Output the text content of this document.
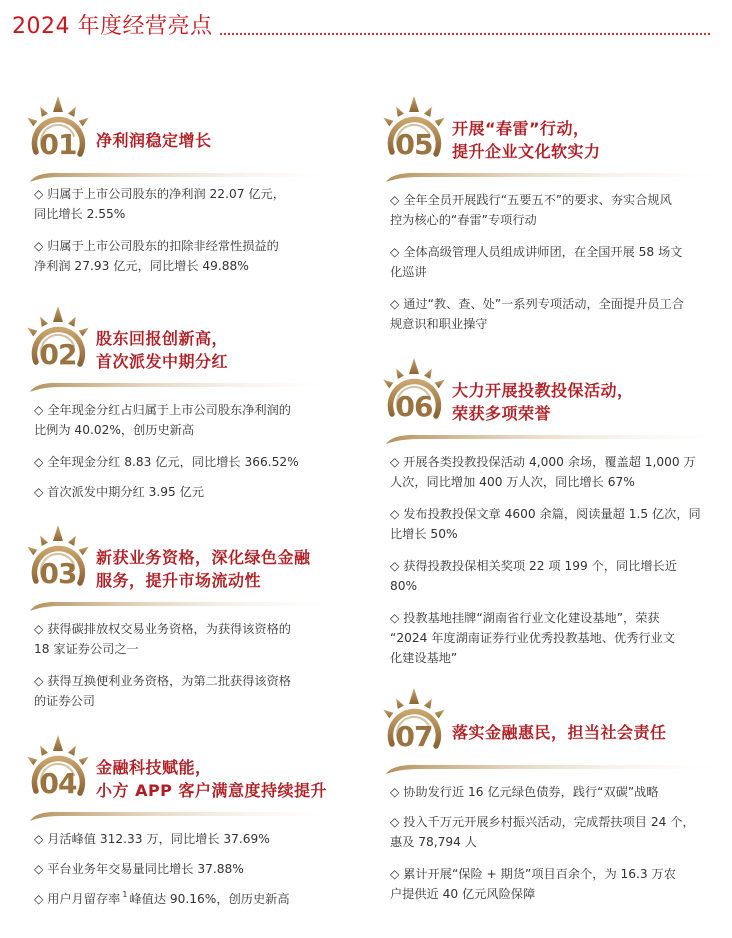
2024 年度经营亮点
01	净利润稳定增长
◇ 归属于上市公司股东的净利润 22.07 亿元，
同比增长 2.55%
◇ 归属于上市公司股东的扣除非经常性损益的
净利润 27.93 亿元，同比增长 49.88%
02	股东回报创新高，
首次派发中期分红
◇ 全年现金分红占归属于上市公司股东净利润的
比例为 40.02%，创历史新高
◇ 全年现金分红 8.83 亿元，同比增长 366.52%
◇ 首次派发中期分红 3.95 亿元
03	新获业务资格，深化绿色金融
服务，提升市场流动性
◇ 获得碳排放权交易业务资格，为获得该资格的
18 家证券公司之一
◇ 获得互换便利业务资格，为第二批获得该资格
的证券公司
04	金融科技赋能，
小方 APP 客户满意度持续提升
◇ 月活峰值 312.33 万，同比增长 37.69%
◇ 平台业务年交易量同比增长 37.88%
◇ 用户月留存率 $^1$ 峰值达 90.16%，创历史新高
05	开展“春雷”行动，
提升企业文化软实力
◇ 全年全员开展践行“五要五不”的要求、夯实合规风
控为核心的“春雷”专项行动
◇ 全体高级管理人员组成讲师团，在全国开展 58 场文
化巡讲
◇ 通过“教、查、处”一系列专项活动，全面提升员工合
规意识和职业操守
06	大力开展投教投保活动，
荣获多项荣誉
◇ 开展各类投教投保活动 4,000 余场，覆盖超 1,000 万
人次，同比增加 400 万人次，同比增长 67%
◇ 发布投教投保文章 4600 余篇，阅读量超 1.5 亿次，同
比增长 50%
◇ 获得投教投保相关奖项 22 项 199 个，同比增长近
80%
◇ 投教基地挂牌“湖南省行业文化建设基地”，荣获
“2024 年度湖南证券行业优秀投教基地、优秀行业文
化建设基地”
07	落实金融惠民，担当社会责任
◇ 协助发行近 16 亿元绿色债券，践行“双碳”战略
◇ 投入千万元开展乡村振兴活动，完成帮扶项目 24 个，
惠及 78,794 人
◇ 累计开展“保险 + 期货”项目百余个，为 16.3 万农
户提供近 40 亿元风险保障
